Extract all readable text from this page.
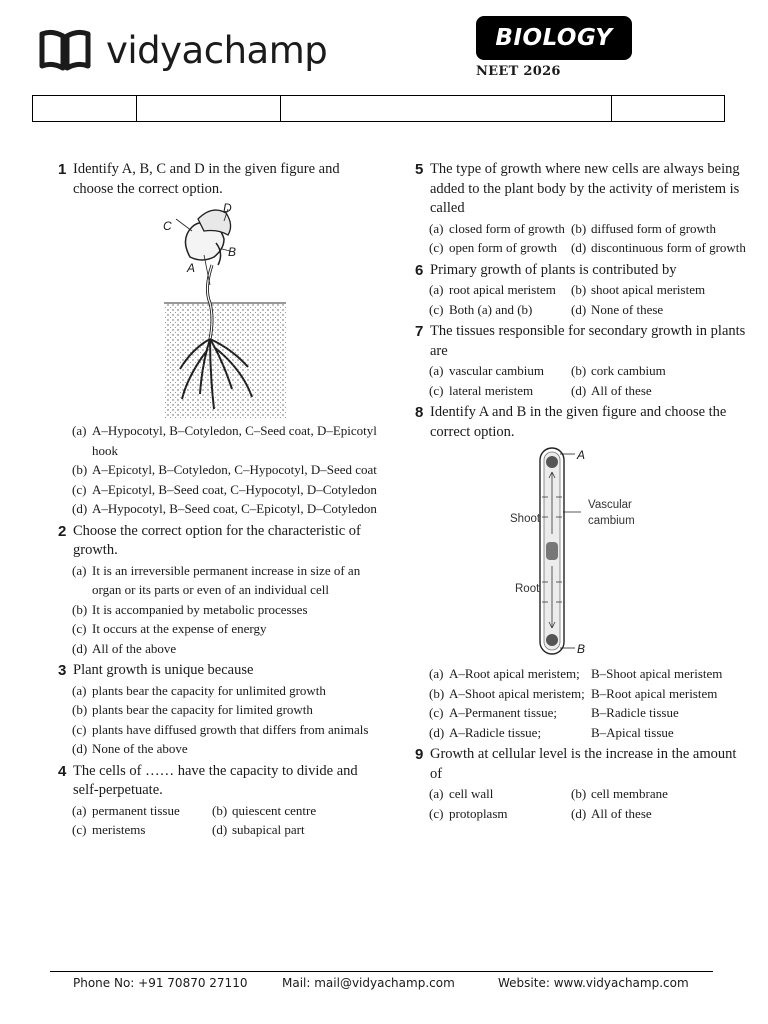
vidyachamp	BIOLOGY
NEET 2026

1 Identify A, B, C and D in the given figure and choose the correct option.
C
D
B
A
(a) A–Hypocotyl, B–Cotyledon, C–Seed coat, D–Epicotyl hook
(b) A–Epicotyl, B–Cotyledon, C–Hypocotyl, D–Seed coat
(c) A–Epicotyl, B–Seed coat, C–Hypocotyl, D–Cotyledon
(d) A–Hypocotyl, B–Seed coat, C–Epicotyl, D–Cotyledon
2 Choose the correct option for the characteristic of growth.
(a) It is an irreversible permanent increase in size of an organ or its parts or even of an individual cell
(b) It is accompanied by metabolic processes
(c) It occurs at the expense of energy
(d) All of the above
3 Plant growth is unique because
(a) plants bear the capacity for unlimited growth
(b) plants bear the capacity for limited growth
(c) plants have diffused growth that differs from animals
(d) None of the above
4 The cells of …… have the capacity to divide and self-perpetuate.
(a) permanent tissue (b) quiescent centre
(c) meristems	(d) subapical part
5 The type of growth where new cells are always being added to the plant body by the activity of meristem is called
(a) closed form of growth (b) diffused form of growth
(c) open form of growth (d) discontinuous form of growth
6 Primary growth of plants is contributed by
(a) root apical meristem (b) shoot apical meristem
(c) Both (a) and (b)	(d) None of these
7 The tissues responsible for secondary growth in plants are
(a) vascular cambium (b) cork cambium
(c) lateral meristem	(d) All of these
8 Identify A and B in the given figure and choose the correct option.
A
Shoot
Vascular
cambium
Root
B
(a) A–Root apical meristem; B–Shoot apical meristem
(b) A–Shoot apical meristem; B–Root apical meristem
(c) A–Permanent tissue;	B–Radicle tissue
(d) A–Radicle tissue;	B–Apical tissue
9 Growth at cellular level is the increase in the amount of
(a) cell wall	(b) cell membrane
(c) protoplasm	(d) All of these
Phone No: +91 70870 27110	Mail: mail@vidyachamp.com	Website: www.vidyachamp.com
